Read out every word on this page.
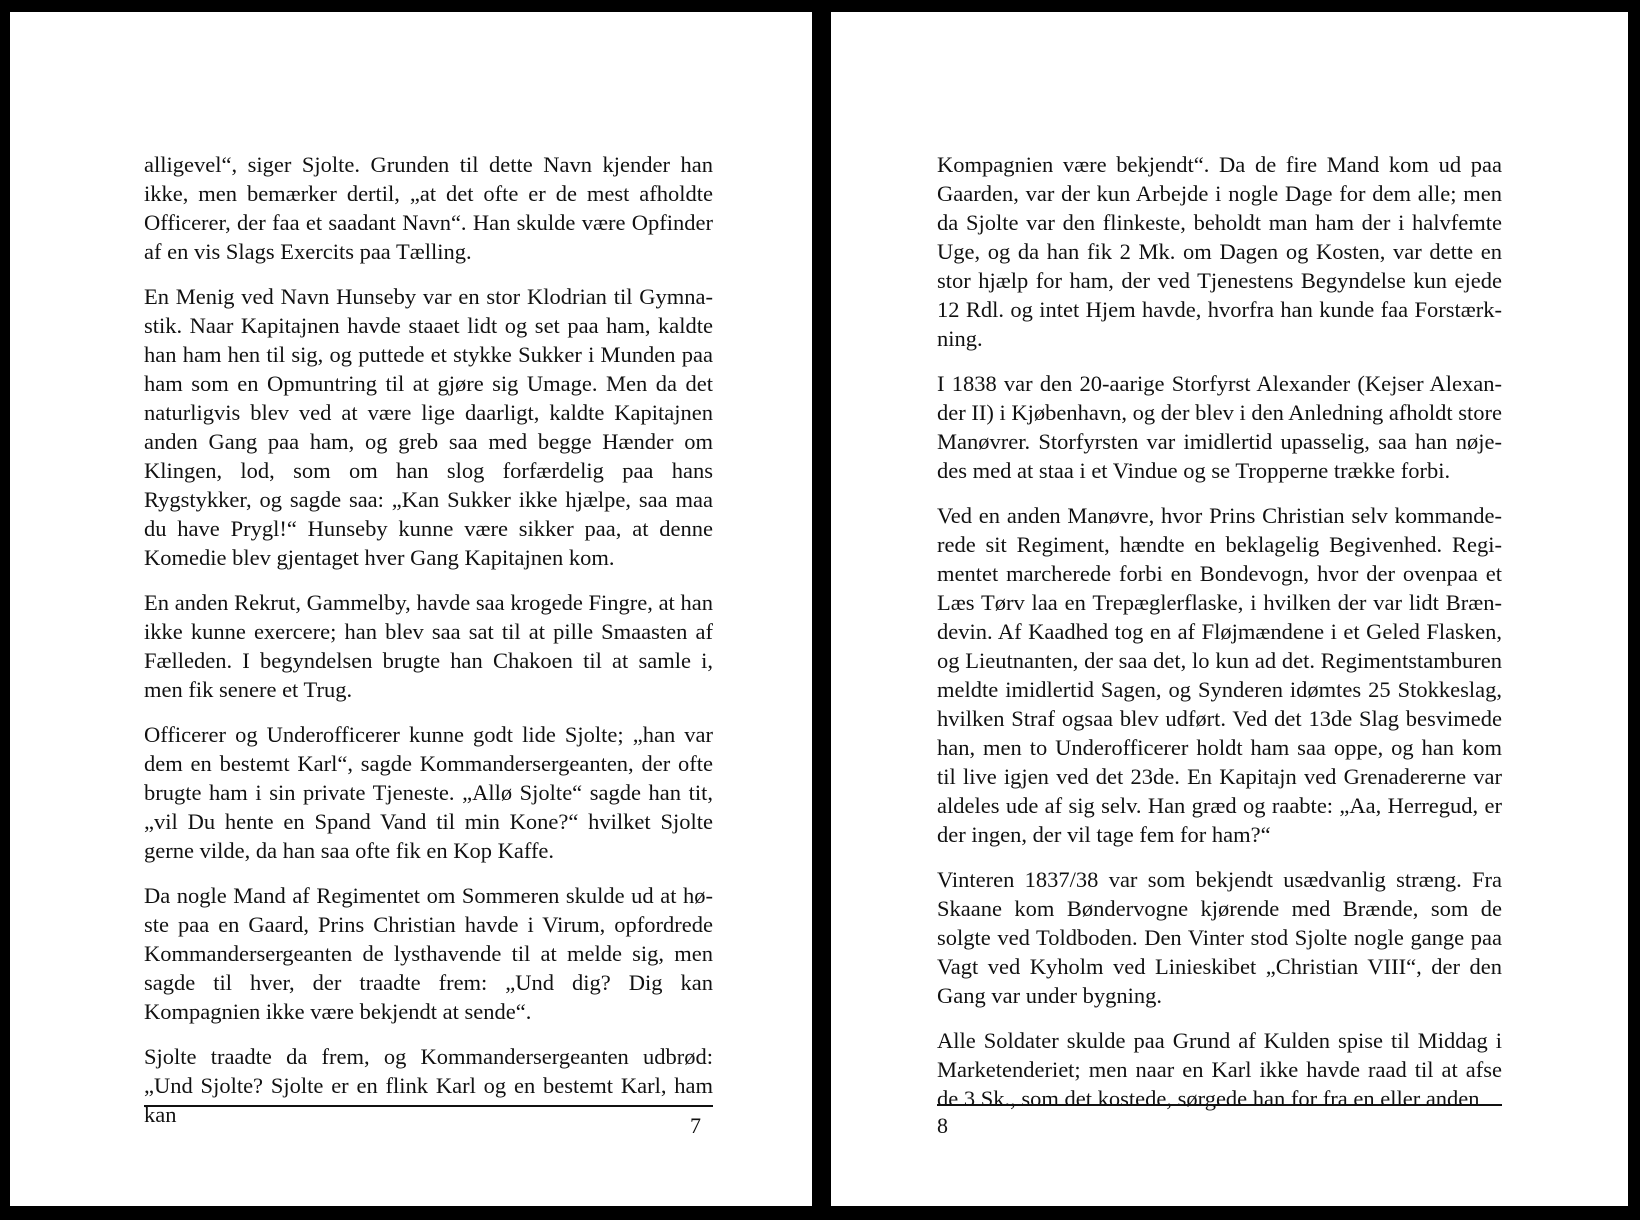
alligevel“, siger Sjolte. Grunden til dette Navn kjender han ikke, men bemærker dertil, „at det ofte er de mest afholdte Officerer, der faa et saadant Navn“. Han skulde være Opfinder af en vis Slags Exercits paa Tælling.

En Menig ved Navn Hunseby var en stor Klodrian til Gymnastik. Naar Kapitajnen havde staaet lidt og set paa ham, kaldte han ham hen til sig, og puttede et stykke Sukker i Munden paa ham som en Opmuntring til at gjøre sig Umage. Men da det naturligvis blev ved at være lige daarligt, kaldte Kapitajnen anden Gang paa ham, og greb saa med begge Hænder om Klingen, lod, som om han slog forfærdelig paa hans Rygstykker, og sagde saa: „Kan Sukker ikke hjælpe, saa maa du have Prygl!“ Hunseby kunne være sikker paa, at denne Komedie blev gjentaget hver Gang Kapitajnen kom.

En anden Rekrut, Gammelby, havde saa krogede Fingre, at han ikke kunne exercere; han blev saa sat til at pille Smaasten af Fælleden. I begyndelsen brugte han Chakoen til at samle i, men fik senere et Trug.

Officerer og Underofficerer kunne godt lide Sjolte; „han var dem en bestemt Karl“, sagde Kommandersergeanten, der ofte brugte ham i sin private Tjeneste. „Allø Sjolte“ sagde han tit, „vil Du hente en Spand Vand til min Kone?“ hvilket Sjolte gerne vilde, da han saa ofte fik en Kop Kaffe.

Da nogle Mand af Regimentet om Sommeren skulde ud at høste paa en Gaard, Prins Christian havde i Virum, opfordrede Kommandersergeanten de lysthavende til at melde sig, men sagde til hver, der traadte frem: „Und dig? Dig kan Kompagnien ikke være bekjendt at sende“.

Sjolte traadte da frem, og Kommandersergeanten udbrød: „Und Sjolte? Sjolte er en flink Karl og en bestemt Karl, ham kan	7

Kompagnien være bekjendt“. Da de fire Mand kom ud paa Gaarden, var der kun Arbejde i nogle Dage for dem alle; men da Sjolte var den flinkeste, beholdt man ham der i halvfemte Uge, og da han fik 2 Mk. om Dagen og Kosten, var dette en stor hjælp for ham, der ved Tjenestens Begyndelse kun ejede 12 Rdl. og intet Hjem havde, hvorfra han kunde faa Forstærkning.

I 1838 var den 20-aarige Storfyrst Alexander (Kejser Alexander II) i Kjøbenhavn, og der blev i den Anledning afholdt store Manøvrer. Storfyrsten var imidlertid upasselig, saa han nøjedes med at staa i et Vindue og se Tropperne trække forbi.

Ved en anden Manøvre, hvor Prins Christian selv kommanderede sit Regiment, hændte en beklagelig Begivenhed. Regimentet marcherede forbi en Bondevogn, hvor der ovenpaa et Læs Tørv laa en Trepæglerflaske, i hvilken der var lidt Brændevin. Af Kaadhed tog en af Fløjmændene i et Geled Flasken, og Lieutnanten, der saa det, lo kun ad det. Regimentstamburen meldte imidlertid Sagen, og Synderen idømtes 25 Stokkeslag, hvilken Straf ogsaa blev udført. Ved det 13de Slag besvimede han, men to Underofficerer holdt ham saa oppe, og han kom til live igjen ved det 23de. En Kapitajn ved Grenadererne var aldeles ude af sig selv. Han græd og raabte: „Aa, Herregud, er der ingen, der vil tage fem for ham?“

Vinteren 1837/38 var som bekjendt usædvanlig stræng. Fra Skaane kom Bøndervogne kjørende med Brænde, som de solgte ved Toldboden. Den Vinter stod Sjolte nogle gange paa Vagt ved Kyholm ved Linieskibet „Christian VIII“, der den Gang var under bygning.

Alle Soldater skulde paa Grund af Kulden spise til Middag i Marketenderiet; men naar en Karl ikke havde raad til at afse de 3 Sk., som det kostede, sørgede han for fra en eller anden

8
